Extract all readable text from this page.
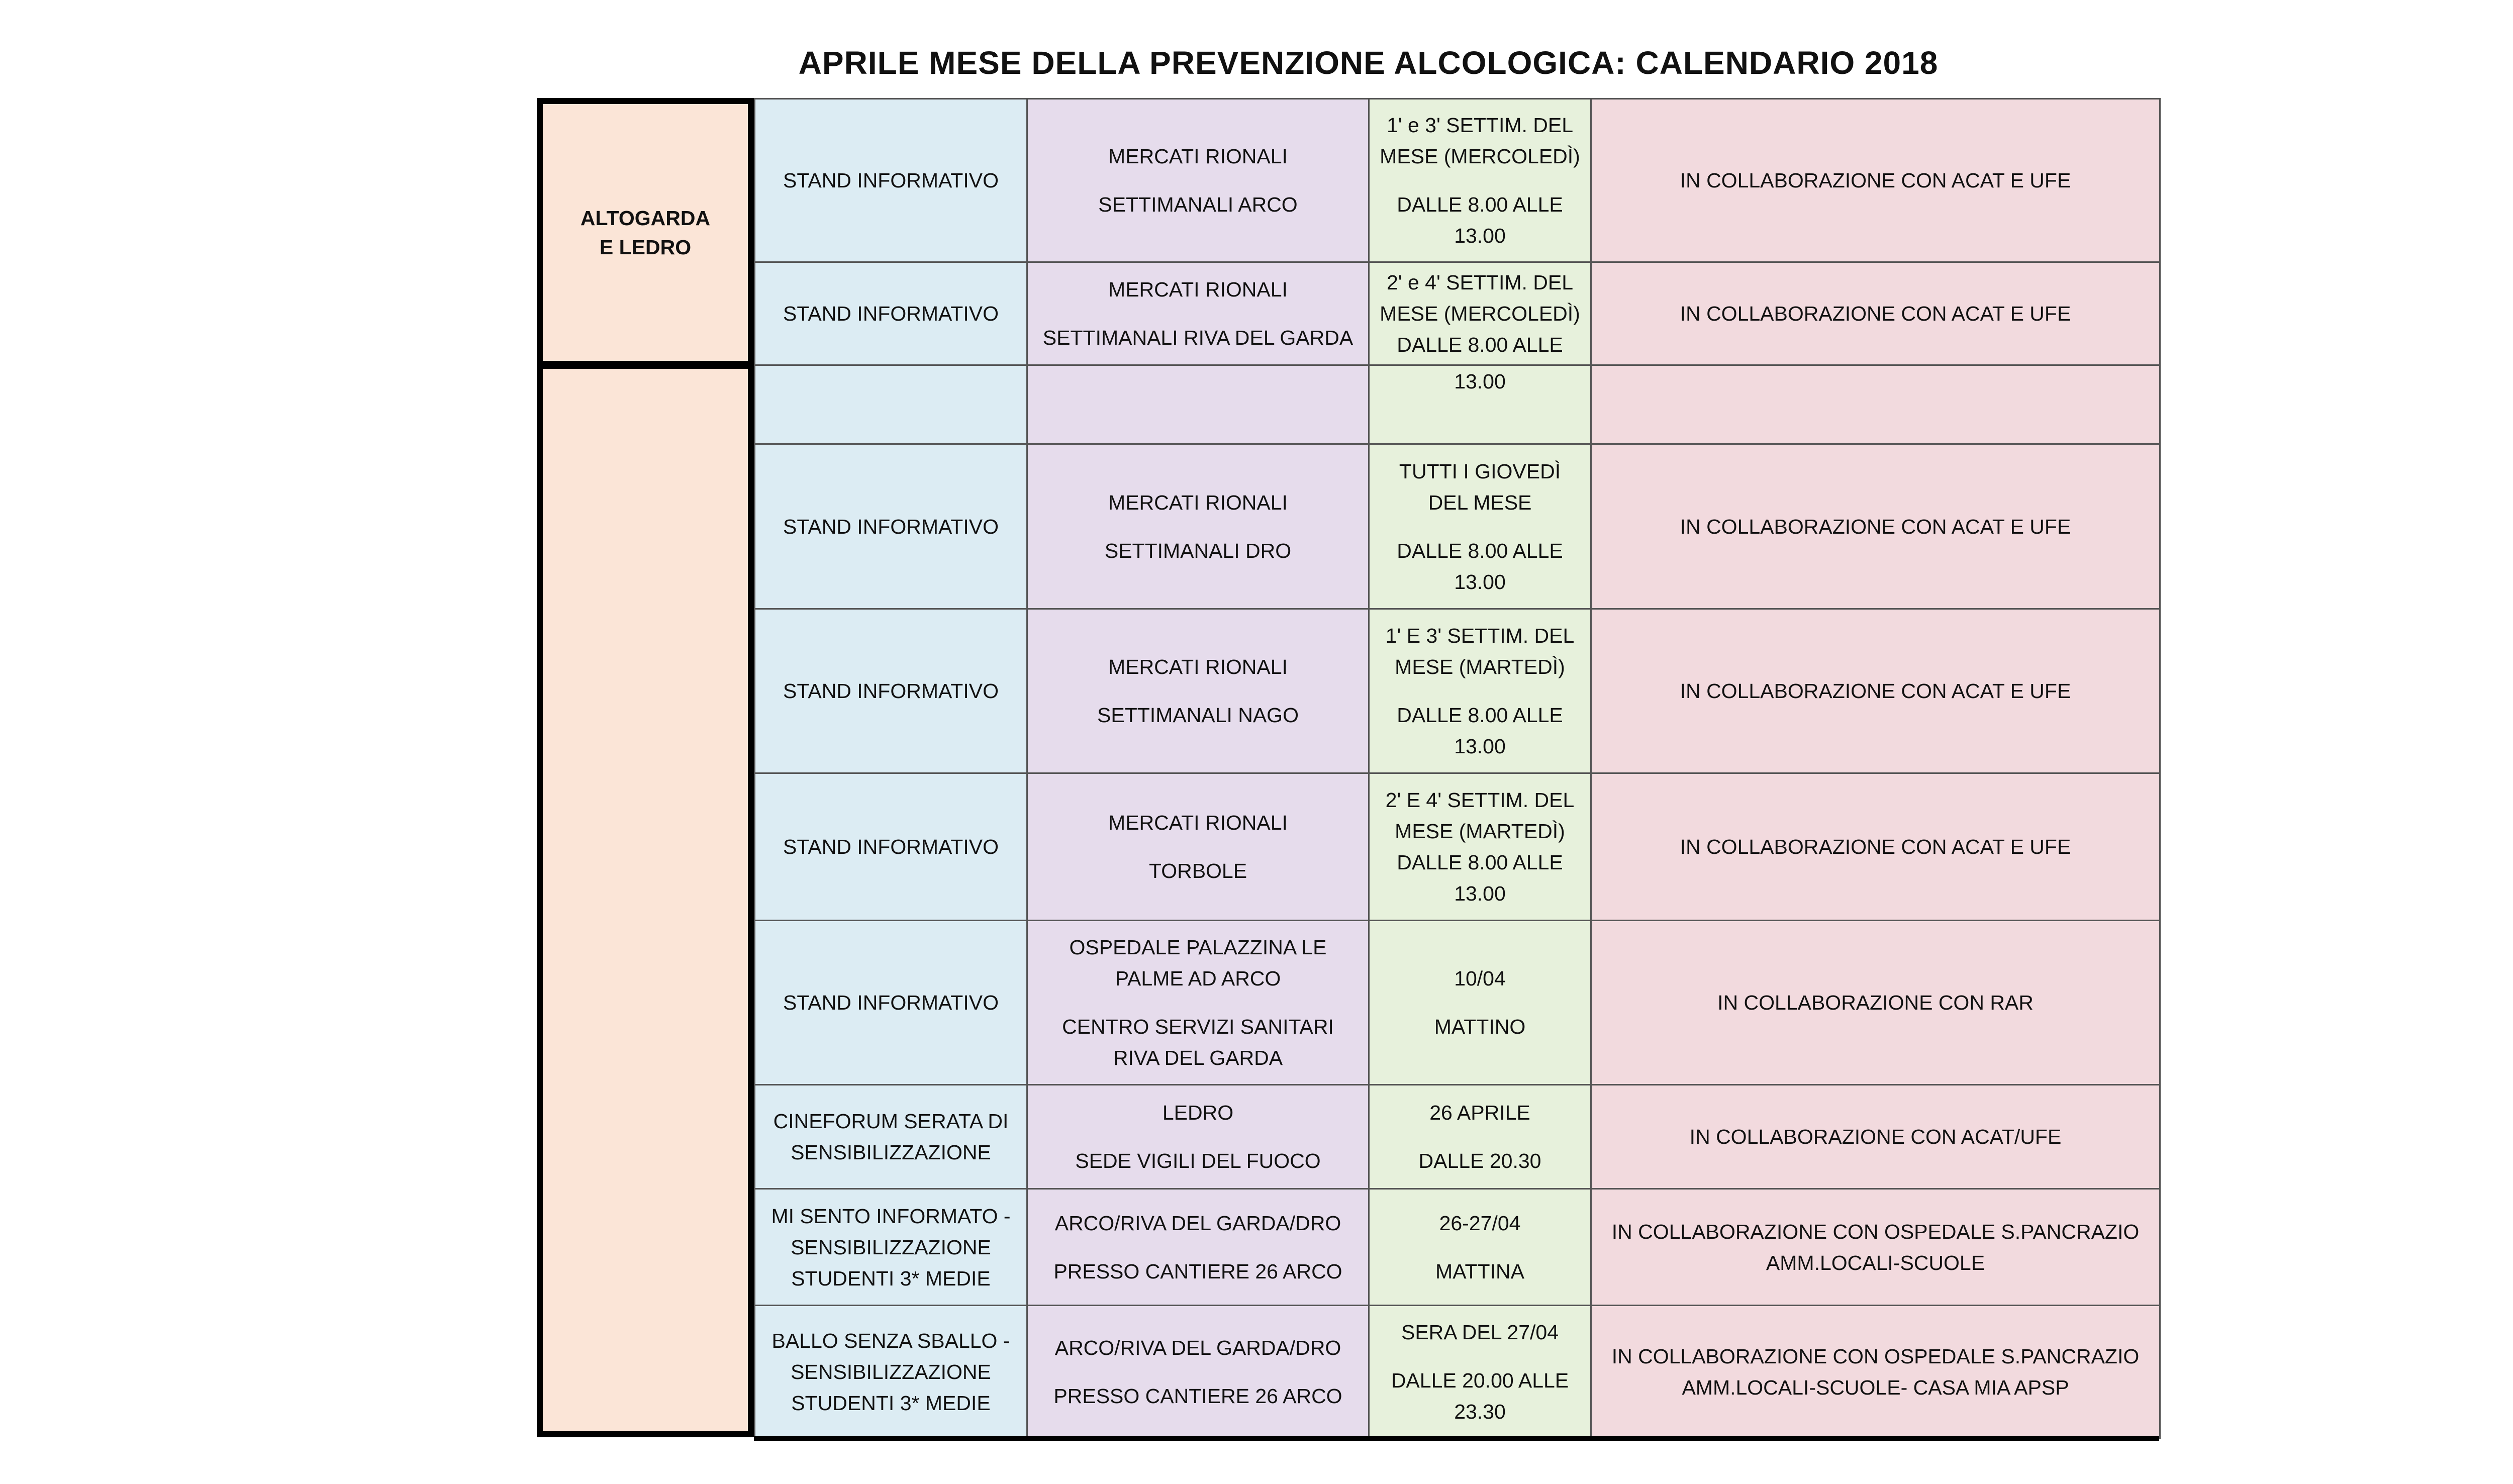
APRILE MESE DELLA PREVENZIONE ALCOLOGICA: CALENDARIO 2018

STAND INFORMATIVO

MERCATI RIONALI

SETTIMANALI ARCO

1' e 3' SETTIM. DEL MESE (MERCOLEDÌ)

DALLE 8.00 ALLE 13.00

IN COLLABORAZIONE CON ACAT E UFE

STAND INFORMATIVO

MERCATI RIONALI

SETTIMANALI RIVA DEL GARDA

2' e 4' SETTIM. DEL MESE (MERCOLEDÌ)

DALLE 8.00 ALLE

IN COLLABORAZIONE CON ACAT E UFE

13.00

STAND INFORMATIVO

MERCATI RIONALI

SETTIMANALI DRO

TUTTI I GIOVEDÌ DEL MESE

DALLE 8.00 ALLE 13.00

IN COLLABORAZIONE CON ACAT E UFE

STAND INFORMATIVO

MERCATI RIONALI

SETTIMANALI NAGO

1' E 3' SETTIM. DEL MESE (MARTEDÌ)

DALLE 8.00 ALLE 13.00

IN COLLABORAZIONE CON ACAT E UFE

STAND INFORMATIVO

MERCATI RIONALI

TORBOLE

2' E 4' SETTIM. DEL MESE (MARTEDÌ)

DALLE 8.00 ALLE 13.00

IN COLLABORAZIONE CON ACAT E UFE

STAND INFORMATIVO

OSPEDALE PALAZZINA LE PALME AD ARCO

CENTRO SERVIZI SANITARI RIVA DEL GARDA

10/04

MATTINO

IN COLLABORAZIONE CON RAR

CINEFORUM SERATA DI SENSIBILIZZAZIONE

LEDRO

SEDE VIGILI DEL FUOCO

26 APRILE

DALLE 20.30

IN COLLABORAZIONE CON ACAT/UFE

MI SENTO INFORMATO - SENSIBILIZZAZIONE STUDENTI 3* MEDIE

ARCO/RIVA DEL GARDA/DRO

PRESSO CANTIERE 26 ARCO

26-27/04

MATTINA

IN COLLABORAZIONE CON OSPEDALE S.PANCRAZIO AMM.LOCALI-SCUOLE

BALLO SENZA SBALLO - SENSIBILIZZAZIONE STUDENTI 3* MEDIE

ARCO/RIVA DEL GARDA/DRO

PRESSO CANTIERE 26 ARCO

SERA DEL 27/04

DALLE 20.00 ALLE 23.30

IN COLLABORAZIONE CON OSPEDALE S.PANCRAZIO AMM.LOCALI-SCUOLE- CASA MIA APSP

ALTOGARDA E LEDRO
